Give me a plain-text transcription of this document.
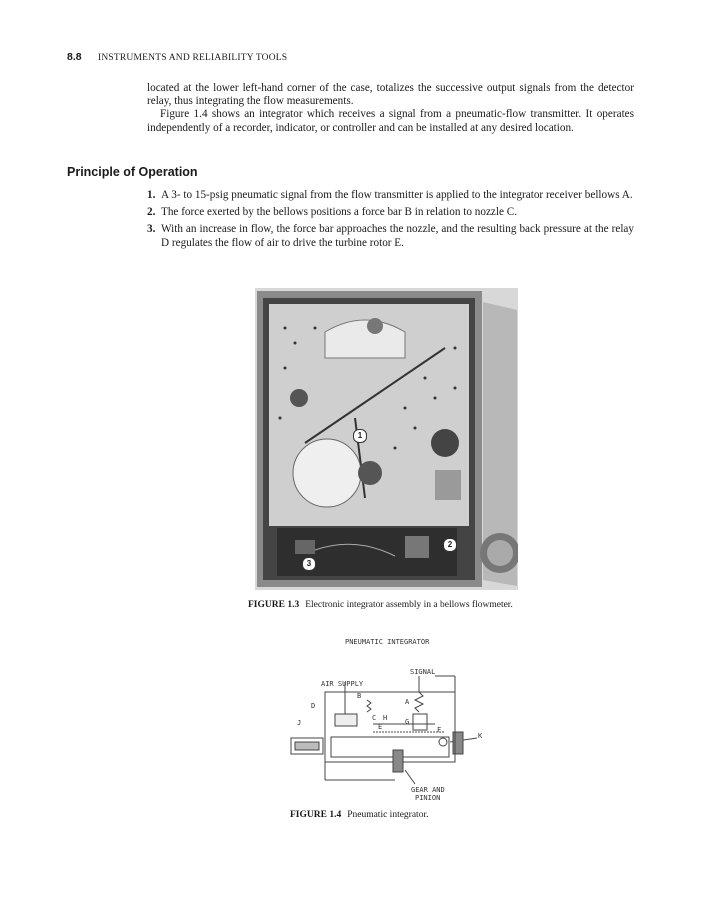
8.8 INSTRUMENTS AND RELIABILITY TOOLS
located at the lower left-hand corner of the case, totalizes the successive output signals from the detector relay, thus integrating the flow measurements.
Figure 1.4 shows an integrator which receives a signal from a pneumatic-flow transmitter. It operates independently of a recorder, indicator, or controller and can be installed at any desired location.
Principle of Operation
1. A 3- to 15-psig pneumatic signal from the flow transmitter is applied to the integrator receiver bellows A.
2. The force exerted by the bellows positions a force bar B in relation to nozzle C.
3. With an increase in flow, the force bar approaches the nozzle, and the resulting back pressure at the relay D regulates the flow of air to drive the turbine rotor E.
1
2
3
FIGURE 1.3 Electronic integrator assembly in a bellows flowmeter.
PNEUMATIC INTEGRATOR
SIGNAL
AIR SUPPLY
B
A
D
C H	G
E
J
F
K
GEAR AND
PINION
FIGURE 1.4 Pneumatic integrator.
